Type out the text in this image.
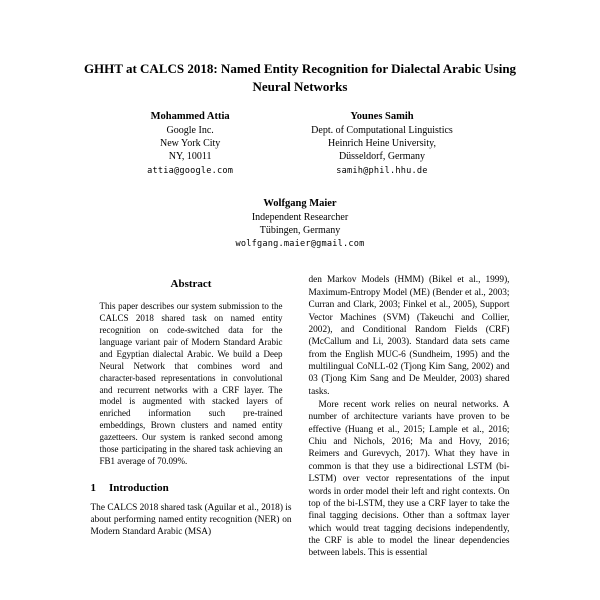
GHHT at CALCS 2018: Named Entity Recognition for Dialectal Arabic Using Neural Networks
Mohammed Attia
Google Inc.
New York City
NY, 10011
attia@google.com
Younes Samih
Dept. of Computational Linguistics
Heinrich Heine University,
Düsseldorf, Germany
samih@phil.hhu.de
Wolfgang Maier
Independent Researcher
Tübingen, Germany
wolfgang.maier@gmail.com
Abstract

This paper describes our system submission to the CALCS 2018 shared task on named entity recognition on code-switched data for the language variant pair of Modern Standard Arabic and Egyptian dialectal Arabic. We build a Deep Neural Network that combines word and character-based representations in convolutional and recurrent networks with a CRF layer. The model is augmented with stacked layers of enriched information such pre-trained embeddings, Brown clusters and named entity gazetteers. Our system is ranked second among those participating in the shared task achieving an FB1 average of 70.09%.

1 Introduction

The CALCS 2018 shared task (Aguilar et al., 2018) is about performing named entity recognition (NER) on Modern Standard Arabic (MSA)

den Markov Models (HMM) (Bikel et al., 1999), Maximum-Entropy Model (ME) (Bender et al., 2003; Curran and Clark, 2003; Finkel et al., 2005), Support Vector Machines (SVM) (Takeuchi and Collier, 2002), and Conditional Random Fields (CRF) (McCallum and Li, 2003). Standard data sets came from the English MUC-6 (Sundheim, 1995) and the multilingual CoNLL-02 (Tjong Kim Sang, 2002) and 03 (Tjong Kim Sang and De Meulder, 2003) shared tasks.

More recent work relies on neural networks. A number of architecture variants have proven to be effective (Huang et al., 2015; Lample et al., 2016; Chiu and Nichols, 2016; Ma and Hovy, 2016; Reimers and Gurevych, 2017). What they have in common is that they use a bidirectional LSTM (bi-LSTM) over vector representations of the input words in order model their left and right contexts. On top of the bi-LSTM, they use a CRF layer to take the final tagging decisions. Other than a softmax layer which would treat tagging decisions independently, the CRF is able to model the linear dependencies between labels. This is essential
